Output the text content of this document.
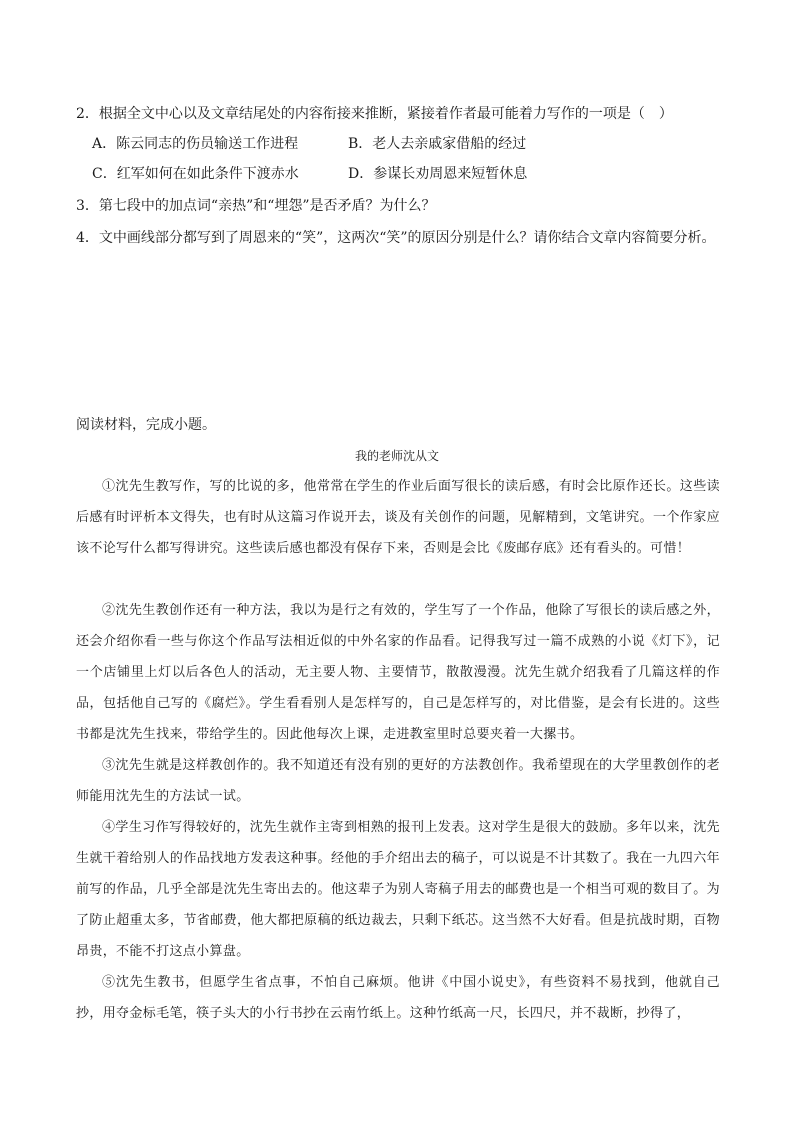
2．根据全文中心以及文章结尾处的内容衔接来推断，紧接着作者最可能着力写作的一项是（　）
A．陈云同志的伤员输送工作进程	B．老人去亲戚家借船的经过
C．红军如何在如此条件下渡赤水	D．参谋长劝周恩来短暂休息
3．第七段中的加点词“亲热”和“埋怨”是否矛盾？为什么？
4．文中画线部分都写到了周恩来的“笑”，这两次“笑”的原因分别是什么？请你结合文章内容简要分析。
阅读材料，完成小题。
我的老师沈从文

①沈先生教写作，写的比说的多，他常常在学生的作业后面写很长的读后感，有时会比原作还长。这些读后感有时评析本文得失，也有时从这篇习作说开去，谈及有关创作的问题，见解精到，文笔讲究。一个作家应该不论写什么都写得讲究。这些读后感也都没有保存下来，否则是会比《废邮存底》还有看头的。可惜！

②沈先生教创作还有一种方法，我以为是行之有效的，学生写了一个作品，他除了写很长的读后感之外，还会介绍你看一些与你这个作品写法相近似的中外名家的作品看。记得我写过一篇不成熟的小说《灯下》，记一个店铺里上灯以后各色人的活动，无主要人物、主要情节，散散漫漫。沈先生就介绍我看了几篇这样的作品，包括他自己写的《腐烂》。学生看看别人是怎样写的，自己是怎样写的，对比借鉴，是会有长进的。这些书都是沈先生找来，带给学生的。因此他每次上课，走进教室里时总要夹着一大摞书。

③沈先生就是这样教创作的。我不知道还有没有别的更好的方法教创作。我希望现在的大学里教创作的老师能用沈先生的方法试一试。

④学生习作写得较好的，沈先生就作主寄到相熟的报刊上发表。这对学生是很大的鼓励。多年以来，沈先生就干着给别人的作品找地方发表这种事。经他的手介绍出去的稿子，可以说是不计其数了。我在一九四六年前写的作品，几乎全部是沈先生寄出去的。他这辈子为别人寄稿子用去的邮费也是一个相当可观的数目了。为了防止超重太多，节省邮费，他大都把原稿的纸边裁去，只剩下纸芯。这当然不大好看。但是抗战时期，百物昂贵，不能不打这点小算盘。

⑤沈先生教书，但愿学生省点事，不怕自己麻烦。他讲《中国小说史》，有些资料不易找到，他就自己抄，用夺金标毛笔，筷子头大的小行书抄在云南竹纸上。这种竹纸高一尺，长四尺，并不裁断，抄得了，
